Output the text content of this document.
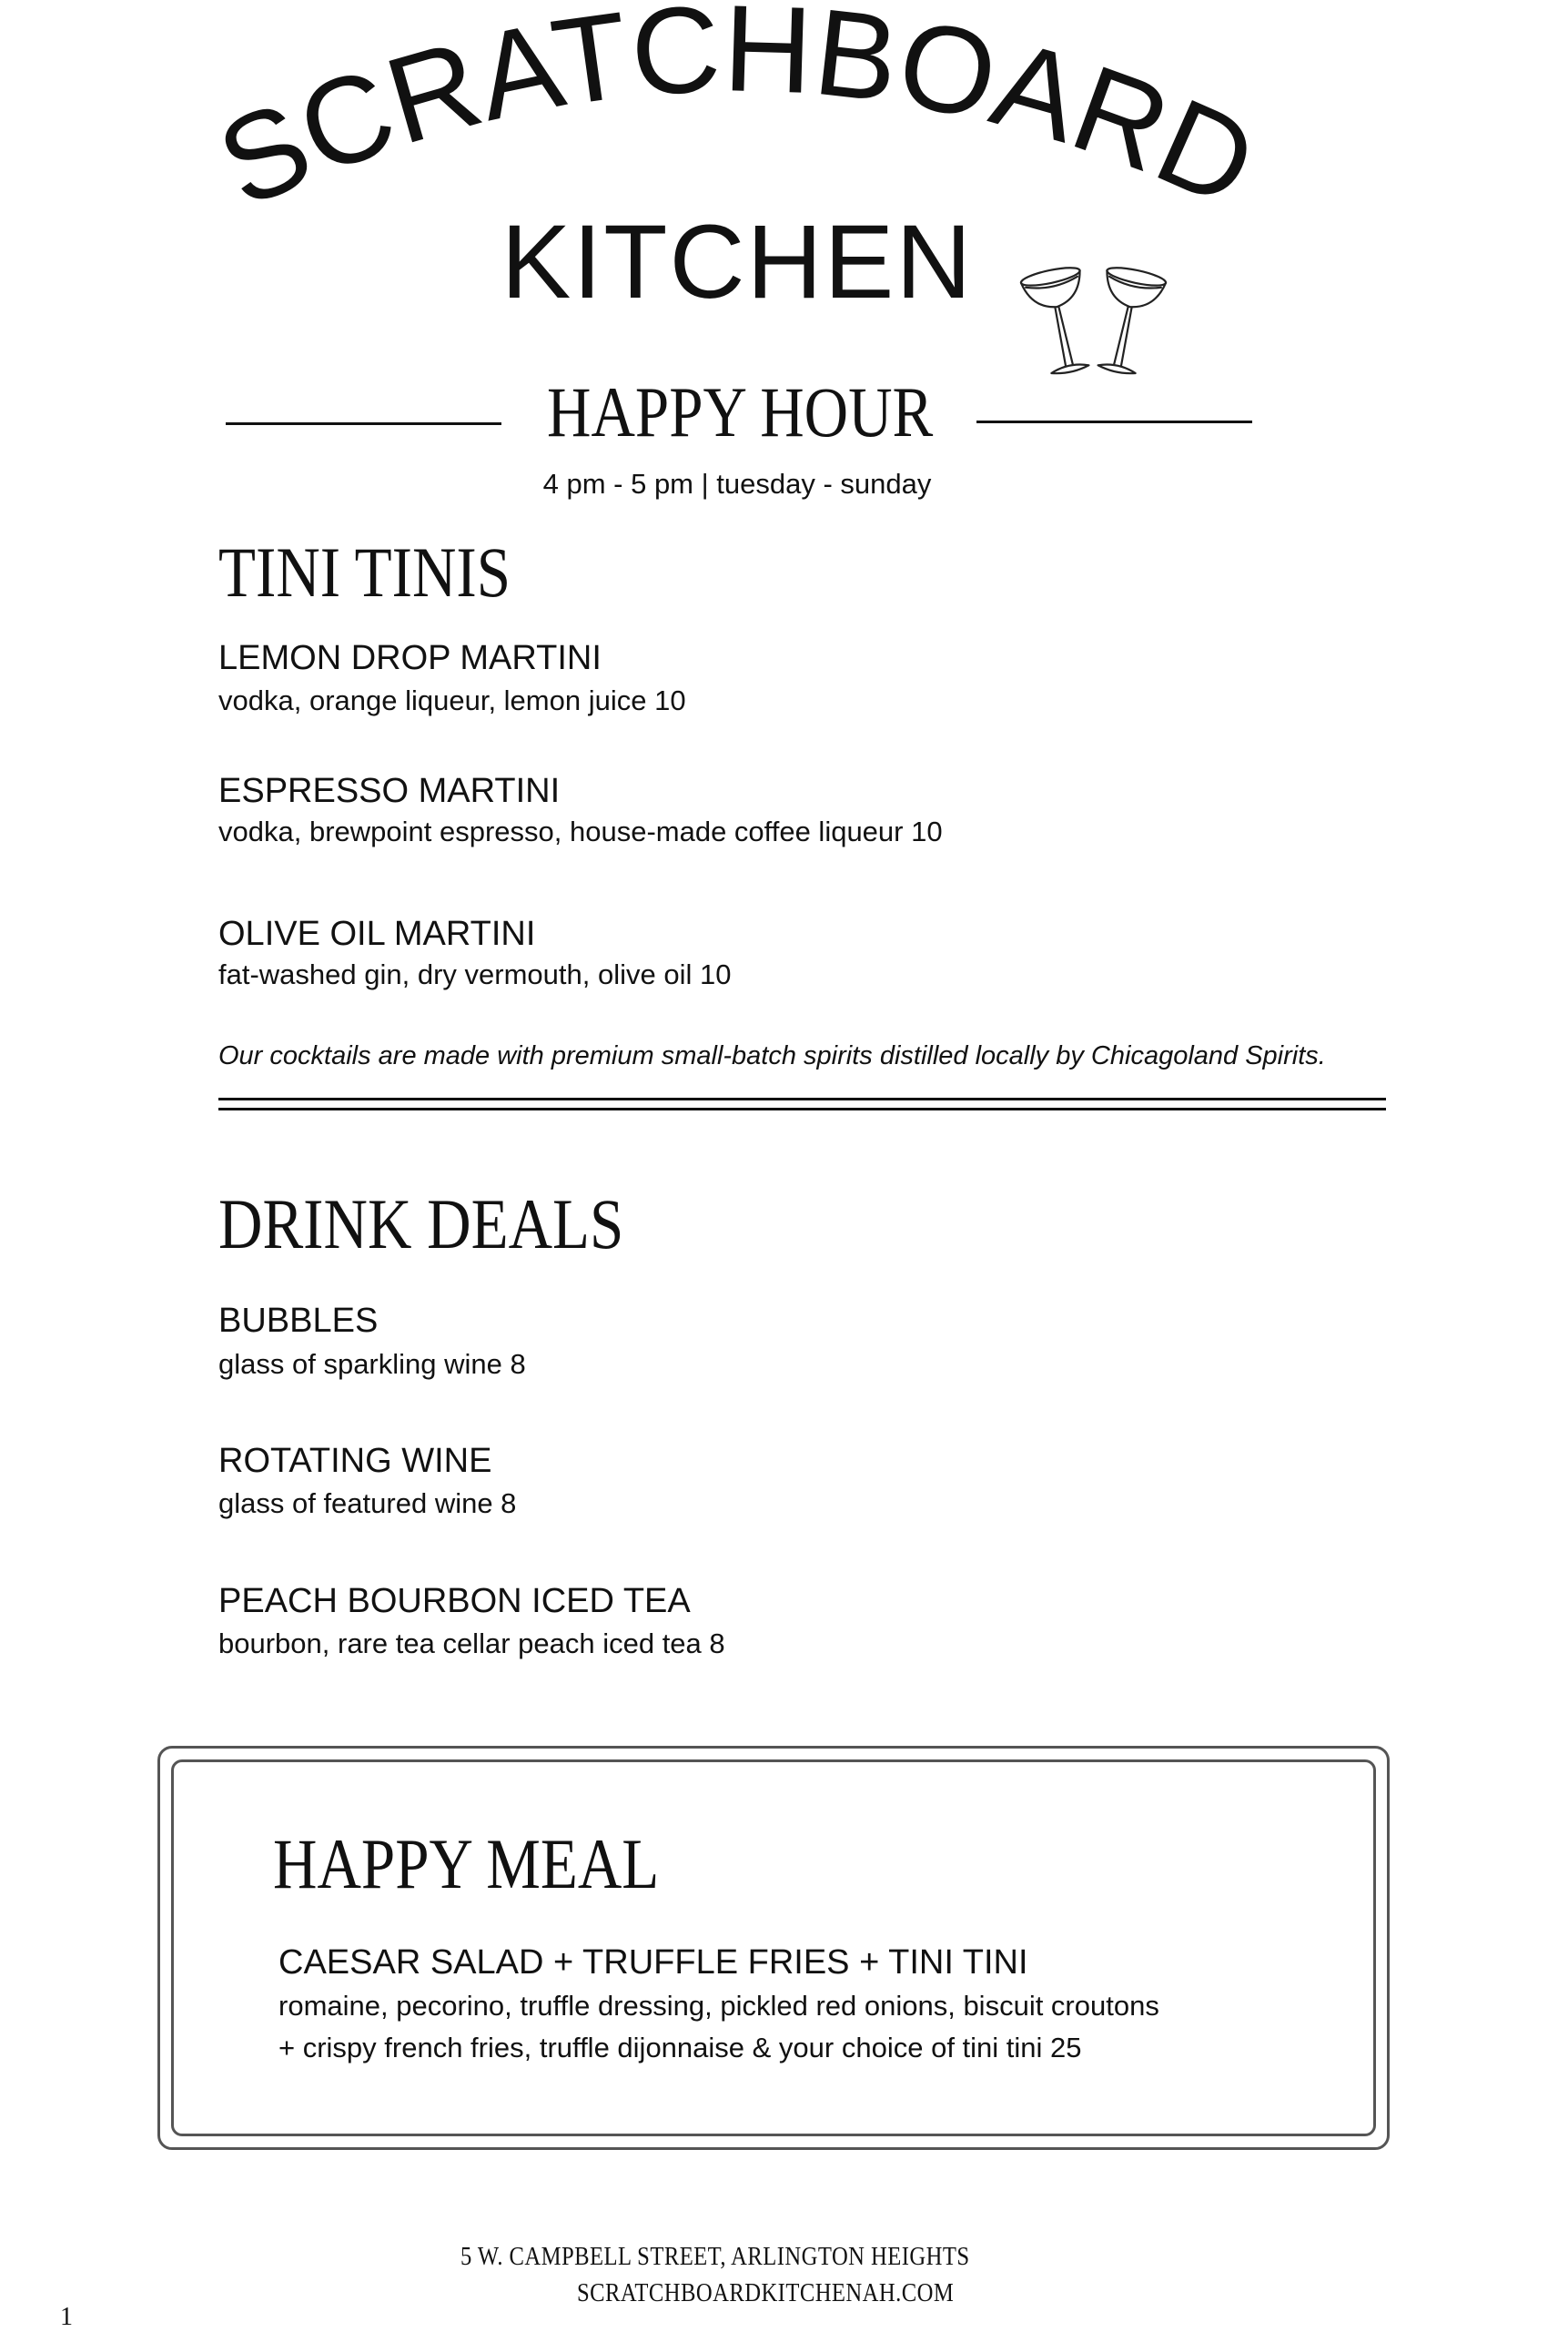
SCRATCHBOARD
KITCHEN
HAPPY HOUR
4 pm - 5 pm | tuesday - sunday
TINI TINIS
LEMON DROP MARTINI
vodka, orange liqueur, lemon juice 10
ESPRESSO MARTINI
vodka, brewpoint espresso, house-made coffee liqueur 10
OLIVE OIL MARTINI
fat-washed gin, dry vermouth, olive oil 10
Our cocktails are made with premium small-batch spirits distilled locally by Chicagoland Spirits.
DRINK DEALS
BUBBLES
glass of sparkling wine 8
ROTATING WINE
glass of featured wine 8
PEACH BOURBON ICED TEA
bourbon, rare tea cellar peach iced tea 8
HAPPY MEAL
CAESAR SALAD + TRUFFLE FRIES + TINI TINI
romaine, pecorino, truffle dressing, pickled red onions, biscuit croutons
+ crispy french fries, truffle dijonnaise & your choice of tini tini 25
5 W. CAMPBELL STREET, ARLINGTON HEIGHTS
SCRATCHBOARDKITCHENAH.COM
1
